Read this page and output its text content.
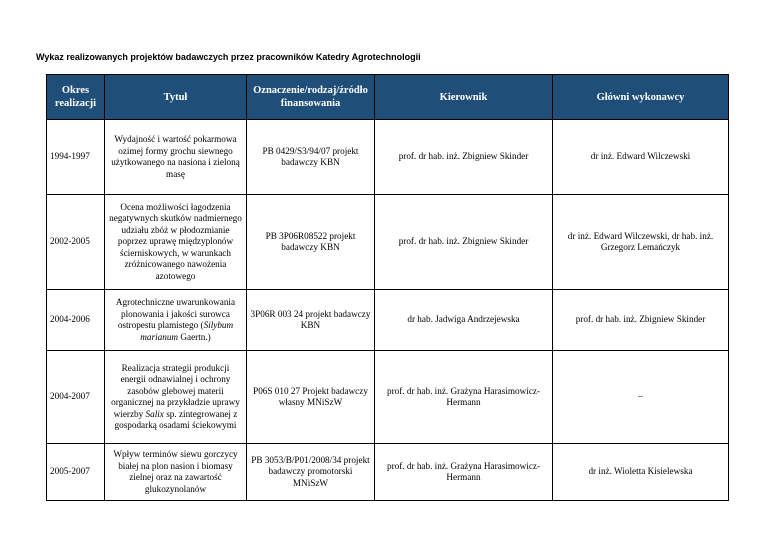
Wykaz realizowanych projektów badawczych przez pracowników Katedry Agrotechnologii
Okres realizacji	Tytuł	Oznaczenie/rodzaj/źródło finansowania	Kierownik	Główni wykonawcy
1994-1997	Wydajność i wartość pokarmowa ozimej formy grochu siewnego użytkowanego na nasiona i zieloną masę	PB 0429/S3/94/07 projekt badawczy KBN	prof. dr hab. inż. Zbigniew Skinder	dr inż. Edward Wilczewski
2002-2005	Ocena możliwości łagodzenia negatywnych skutków nadmiernego udziału zbóż w płodozmianie poprzez uprawę międzyplonów ścierniskowych, w warunkach zróżnicowanego nawożenia azotowego	PB 3P06R08522 projekt badawczy KBN	prof. dr hab. inż. Zbigniew Skinder	dr inż. Edward Wilczewski, dr hab. inż. Grzegorz Lemańczyk
2004-2006	Agrotechniczne uwarunkowania plonowania i jakości surowca ostropestu plamistego (Silybum marianum Gaertn.)	3P06R 003 24 projekt badawczy KBN	dr hab. Jadwiga Andrzejewska	prof. dr hab. inż. Zbigniew Skinder
2004-2007	Realizacja strategii produkcji energii odnawialnej i ochrony zasobów glebowej materii organicznej na przykładzie uprawy wierzby Salix sp. zintegrowanej z gospodarką osadami ściekowymi	P06S 010 27 Projekt badawczy własny MNiSzW	prof. dr hab. inż. Grażyna Harasimowicz-Hermann	–
2005-2007	Wpływ terminów siewu gorczycy białej na plon nasion i biomasy zielnej oraz na zawartość glukozynolanów	PB 3053/B/P01/2008/34 projekt badawczy promotorski MNiSzW	prof. dr hab. inż. Grażyna Harasimowicz-Hermann	dr inż. Wioletta Kisielewska
